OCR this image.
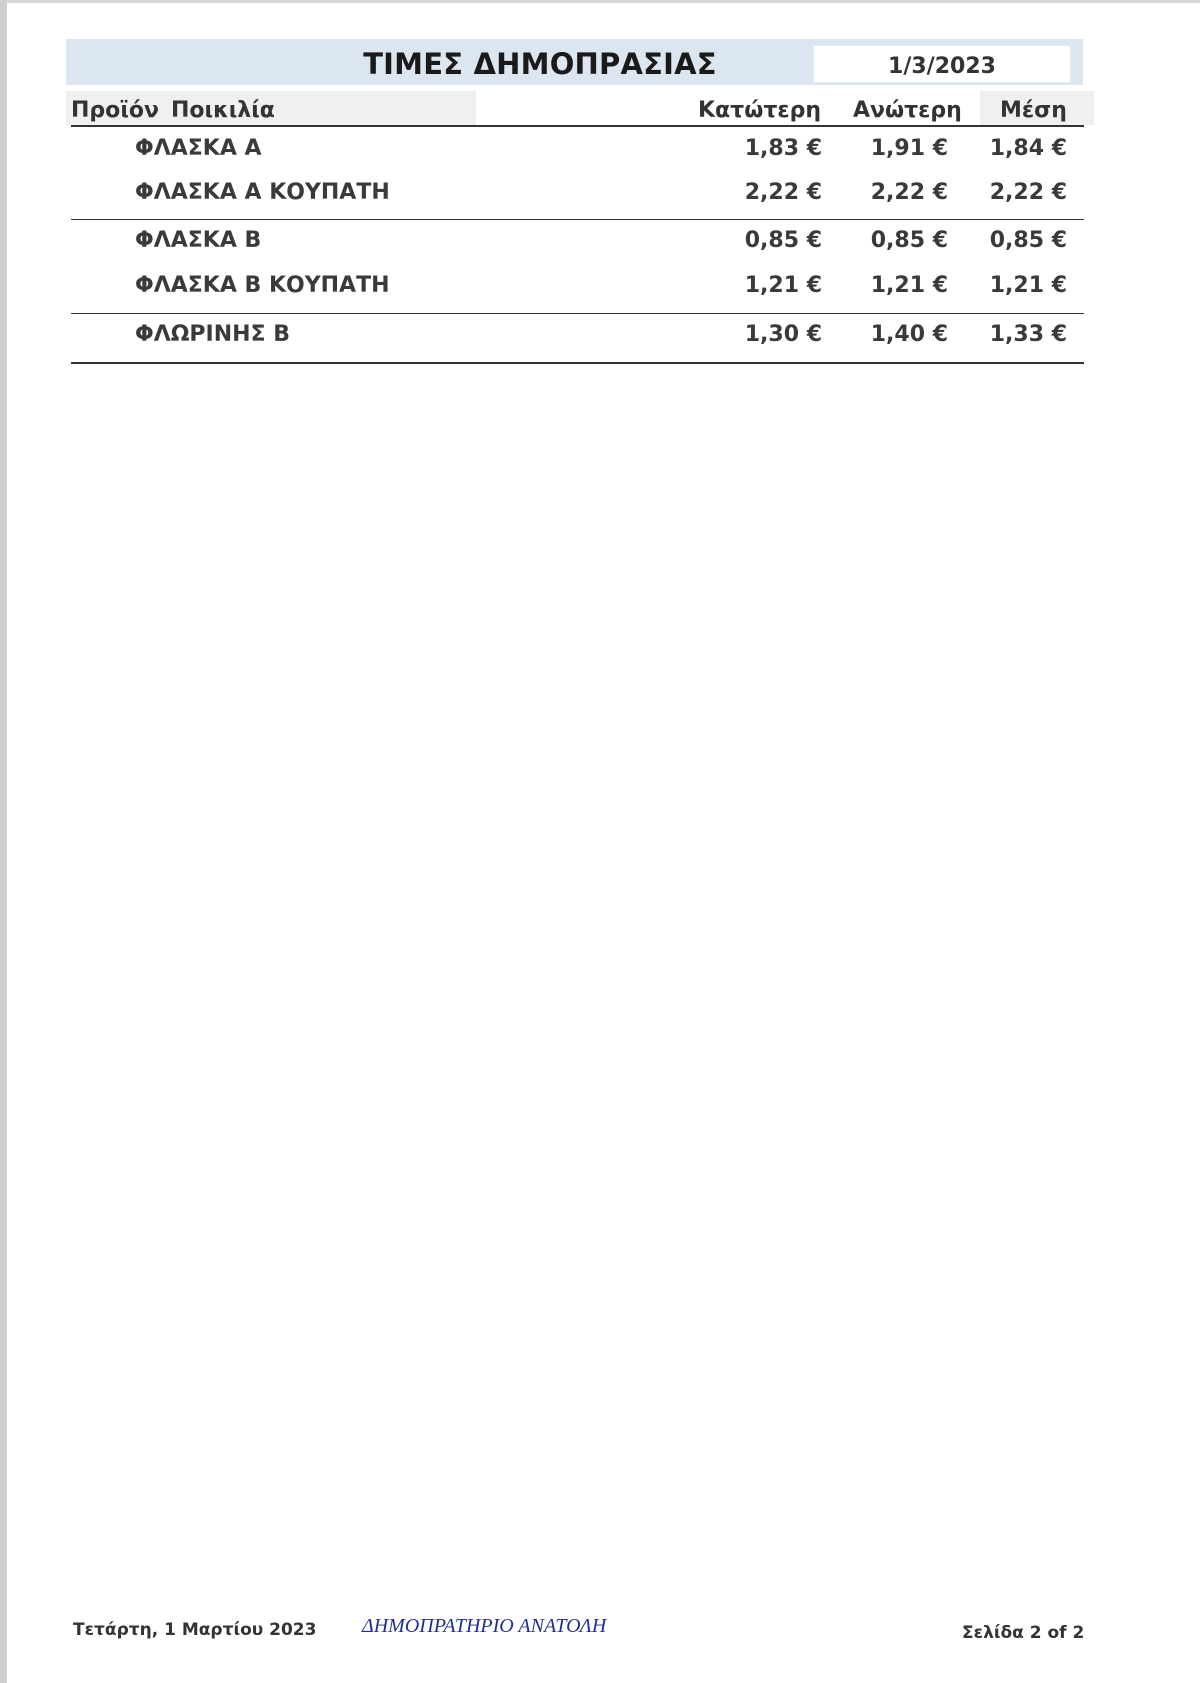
ΤΙΜΕΣ ΔΗΜΟΠΡΑΣΙΑΣ	1/3/2023
Προϊόν Ποικιλία	Κατώτερη Ανώτερη Μέση
ΦΛΑΣΚΑ Α	1,83 €	1,91 €	1,84 €
ΦΛΑΣΚΑ Α ΚΟΥΠΑΤΗ	2,22 €	2,22 €	2,22 €
ΦΛΑΣΚΑ Β	0,85 €	0,85 €	0,85 €
ΦΛΑΣΚΑ Β ΚΟΥΠΑΤΗ	1,21 €	1,21 €	1,21 €
ΦΛΩΡΙΝΗΣ Β	1,30 €	1,40 €	1,33 €
Τετάρτη, 1 Μαρτίου 2023 ΔΗΜΟΠΡΑΤΗΡΙΟ ΑΝΑΤΟΛΗ	Σελίδα 2 of 2
